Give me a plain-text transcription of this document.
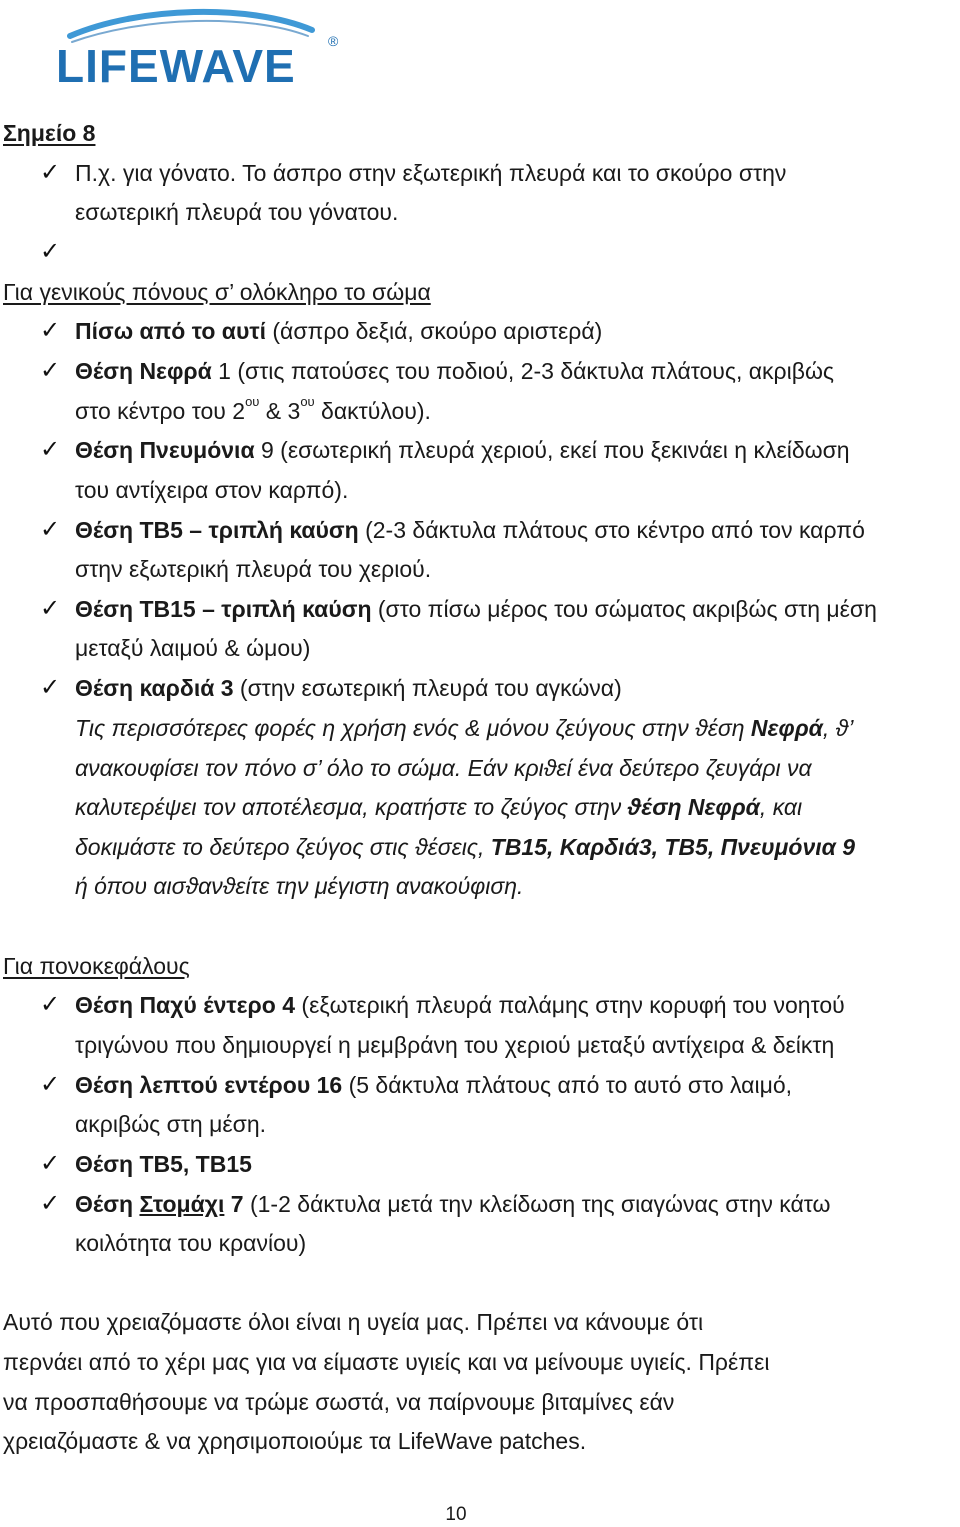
LIFEWAVE ®
Σημείο 8
✓ Π.χ. για γόνατο. Το άσπρο στην εξωτερική πλευρά και το σκούρο στην
εσωτερική πλευρά του γόνατου.
✓
Για γενικούς πόνους σ’ ολόκληρο το σώμα
✓ Πίσω από το αυτί (άσπρο δεξιά, σκούρο αριστερά)
✓ Θέση Νεφρά 1 (στις πατούσες του ποδιού, 2-3 δάκτυλα πλάτους, ακριβώς
στο κέντρο του $2^{o\upsilon}$ & $3^{o\upsilon}$ δακτύλου).
✓ Θέση Πνευμόνια 9 (εσωτερική πλευρά χεριού, εκεί που ξεκινάει η κλείδωση
του αντίχειρα στον καρπό).
✓ Θέση ΤΒ5 – τριπλή καύση (2-3 δάκτυλα πλάτους στο κέντρο από τον καρπό
στην εξωτερική πλευρά του χεριού.
✓ Θέση ΤΒ15 – τριπλή καύση (στο πίσω μέρος του σώματος ακριβώς στη μέση
μεταξύ λαιμού & ώμου)
✓ Θέση καρδιά 3 (στην εσωτερική πλευρά του αγκώνα)
Τις περισσότερες φορές η χρήση ενός & μόνου ζεύγους στην ϑέση Νεφρά, ϑ’
ανακουφίσει τον πόνο σ’ όλο το σώμα. Εάν κριϑεί ένα δεύτερο ζευγάρι να
καλυτερέψει τον αποτέλεσμα, κρατήστε το ζεύγος στην ϑέση Νεφρά, και
δοκιμάστε το δεύτερο ζεύγος στις ϑέσεις, ΤΒ15, Καρδιά3, ΤΒ5, Πνευμόνια 9
ή όπου αισϑανϑείτε την μέγιστη ανακούφιση.
Για πονοκεφάλους
✓ Θέση Παχύ έντερο 4 (εξωτερική πλευρά παλάμης στην κορυφή του νοητού
τριγώνου που δημιουργεί η μεμβράνη του χεριού μεταξύ αντίχειρα & δείκτη
✓ Θέση λεπτού εντέρου 16 (5 δάκτυλα πλάτους από το αυτό στο λαιμό,
ακριβώς στη μέση.
✓ Θέση ΤΒ5, ΤΒ15
✓ Θέση Στομάχι 7 (1-2 δάκτυλα μετά την κλείδωση της σιαγώνας στην κάτω
κοιλότητα του κρανίου)
Αυτό που χρειαζόμαστε όλοι είναι η υγεία μας. Πρέπει να κάνουμε ότι
περνάει από το χέρι μας για να είμαστε υγιείς και να μείνουμε υγιείς. Πρέπει
να προσπαθήσουμε να τρώμε σωστά, να παίρνουμε βιταμίνες εάν
χρειαζόμαστε & να χρησιμοποιούμε τα LifeWave patches.
10
